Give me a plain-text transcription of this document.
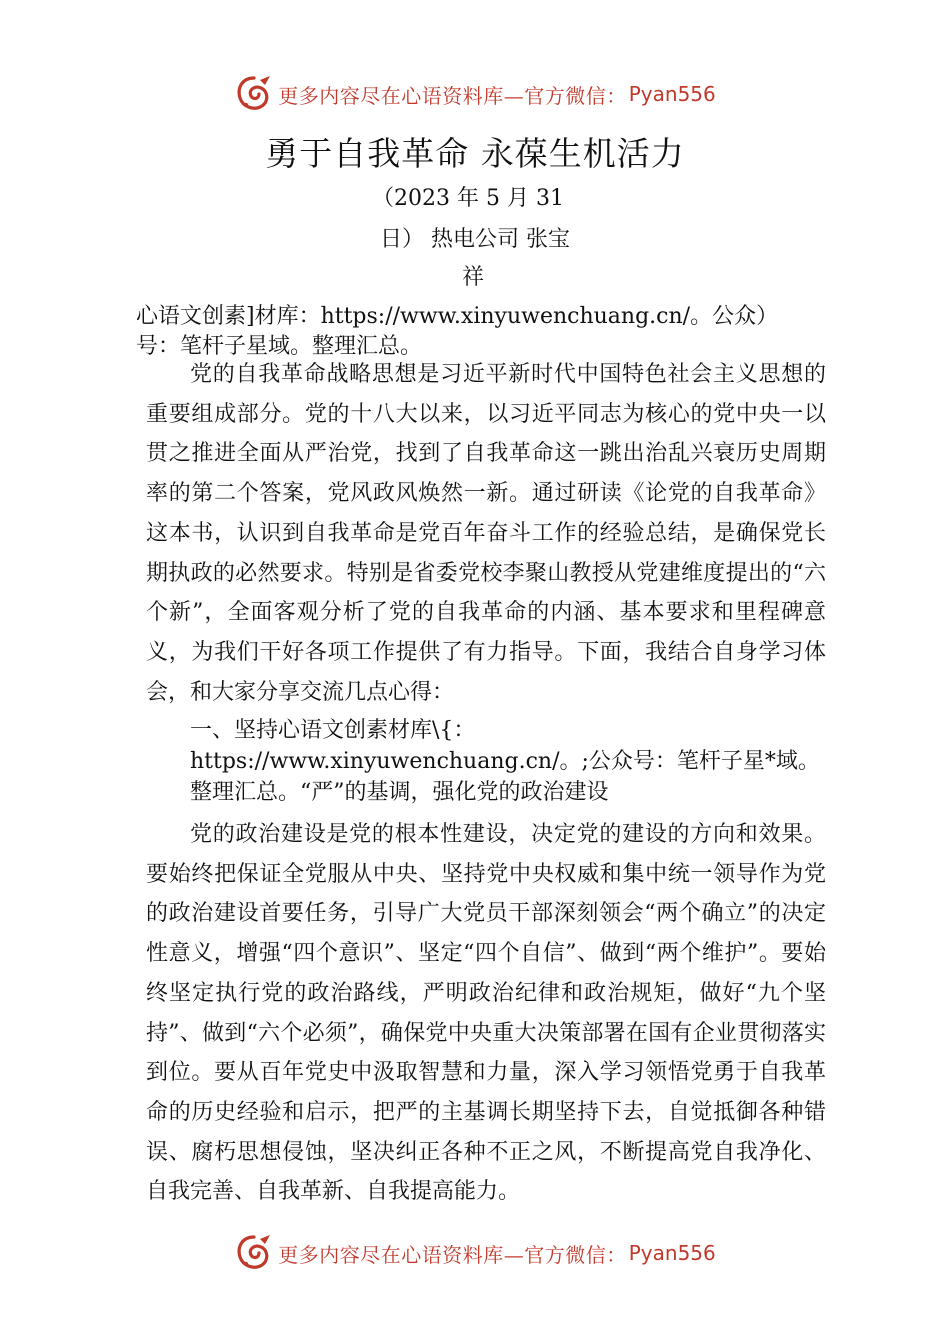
更多内容尽在心语资料库—官方微信： Pyan556
勇于自我革命 永葆生机活力
（2023 年 5 月 31
日） 热电公司 张宝
祥
心语文创素]材库：https://www.xinyuwenchuang.cn/。公众）号：笔杆子星域。整理汇总。

党的自我革命战略思想是习近平新时代中国特色社会主义思想的重要组成部分。党的十八大以来，以习近平同志为核心的党中央一以贯之推进全面从严治党，找到了自我革命这一跳出治乱兴衰历史周期率的第二个答案，党风政风焕然一新。通过研读《论党的自我革命》这本书，认识到自我革命是党百年奋斗工作的经验总结，是确保党长期执政的必然要求。特别是省委党校李聚山教授从党建维度提出的“六个新”，全面客观分析了党的自我革命的内涵、基本要求和里程碑意义，为我们干好各项工作提供了有力指导。下面，我结合自身学习体会，和大家分享交流几点心得：

一、坚持心语文创素材库\{：https://www.xinyuwenchuang.cn/。;公众号：笔杆子星*域。整理汇总。“严”的基调，强化党的政治建设

党的政治建设是党的根本性建设，决定党的建设的方向和效果。要始终把保证全党服从中央、坚持党中央权威和集中统一领导作为党的政治建设首要任务，引导广大党员干部深刻领会“两个确立”的决定性意义，增强“四个意识”、坚定“四个自信”、做到“两个维护”。要始终坚定执行党的政治路线，严明政治纪律和政治规矩，做好“九个坚持”、做到“六个必须”，确保党中央重大决策部署在国有企业贯彻落实到位。要从百年党史中汲取智慧和力量，深入学习领悟党勇于自我革命的历史经验和启示，把严的主基调长期坚持下去，自觉抵御各种错误、腐朽思想侵蚀，坚决纠正各种不正之风，不断提高党自我净化、自我完善、自我革新、自我提高能力。

更多内容尽在心语资料库—官方微信： Pyan556
